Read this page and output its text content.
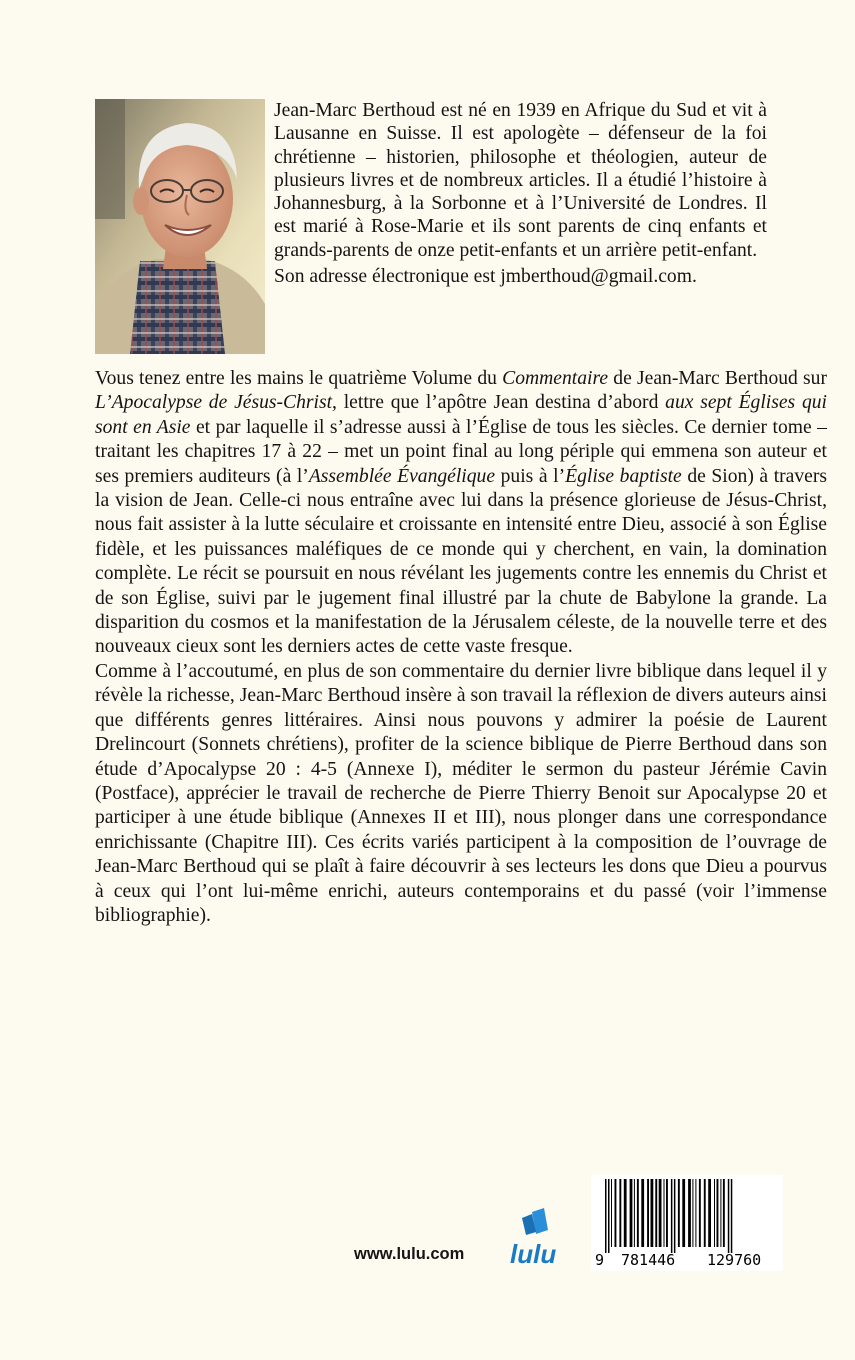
Jean-Marc Berthoud est né en 1939 en Afrique du Sud et vit à Lausanne en Suisse. Il est apologète – défenseur de la foi chrétienne – historien, philosophe et théologien, auteur de plusieurs livres et de nombreux articles. Il a étudié l’histoire à Johannesburg, à la Sorbonne et à l’Université de Londres. Il est marié à Rose-Marie et ils sont parents de cinq enfants et grands-parents de onze petit-enfants et un arrière petit-enfant.

Son adresse électronique est jmberthoud@gmail.com.

Vous tenez entre les mains le quatrième Volume du Commentaire de Jean-Marc Berthoud sur L’Apocalypse de Jésus-Christ, lettre que l’apôtre Jean destina d’abord aux sept Églises qui sont en Asie et par laquelle il s’adresse aussi à l’Église de tous les siècles. Ce dernier tome – traitant les chapitres 17 à 22 – met un point final au long périple qui emmena son auteur et ses premiers auditeurs (à l’Assemblée Évangélique puis à l’Église baptiste de Sion) à travers la vision de Jean. Celle-ci nous entraîne avec lui dans la présence glorieuse de Jésus-Christ, nous fait assister à la lutte séculaire et croissante en intensité entre Dieu, associé à son Église fidèle, et les puissances maléfiques de ce monde qui y cherchent, en vain, la domination complète. Le récit se poursuit en nous révélant les jugements contre les ennemis du Christ et de son Église, suivi par le jugement final illustré par la chute de Babylone la grande. La disparition du cosmos et la manifestation de la Jérusalem céleste, de la nouvelle terre et des nouveaux cieux sont les derniers actes de cette vaste fresque.

Comme à l’accoutumé, en plus de son commentaire du dernier livre biblique dans lequel il y révèle la richesse, Jean-Marc Berthoud insère à son travail la réflexion de divers auteurs ainsi que différents genres littéraires. Ainsi nous pouvons y admirer la poésie de Laurent Drelincourt (Sonnets chrétiens), profiter de la science biblique de Pierre Berthoud dans son étude d’Apocalypse 20 : 4-5 (Annexe I), méditer le sermon du pasteur Jérémie Cavin (Postface), apprécier le travail de recherche de Pierre Thierry Benoit sur Apocalypse 20 et participer à une étude biblique (Annexes II et III), nous plonger dans une correspondance enrichissante (Chapitre III). Ces écrits variés participent à la composition de l’ouvrage de Jean-Marc Berthoud qui se plaît à faire découvrir à ses lecteurs les dons que Dieu a pourvus à ceux qui l’ont lui-même enrichi, auteurs contemporains et du passé (voir l’immense bibliographie).

www.lulu.com lulu	9 781446 129760
